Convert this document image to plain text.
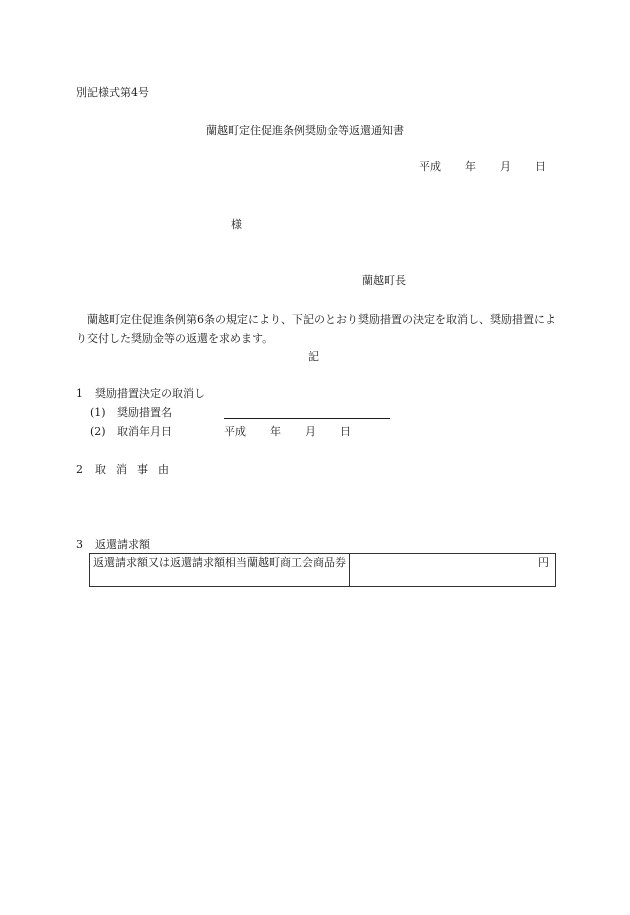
別記様式第4号
蘭越町定住促進条例奨励金等返還通知書
平成 年 月 日
様
蘭越町長
蘭越町定住促進条例第6条の規定により、下記のとおり奨励措置の決定を取消し、奨励措置により交付した奨励金等の返還を求めます。
記
1 奨励措置決定の取消し
(1) 奨励措置名
(2) 取消年月日	平成 年 月 日
2 取消事由
3 返還請求額
返還請求額又は返還請求額相当蘭越町商工会商品券	円
